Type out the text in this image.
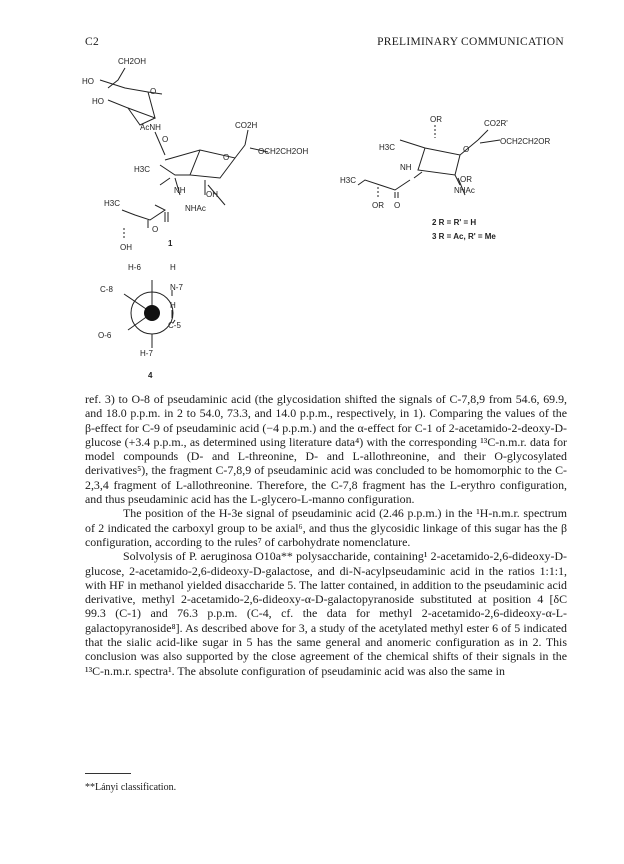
C2	PRELIMINARY COMMUNICATION
CH2OH
HO
HO
O
AcNH
O
CO2H
O
OCH2CH2OH
H3C
NH	OH
NHAc
H3C
OH
O
1
OR	CO2R'
H3C	O
OCH2CH2OR
NH
H3C	OR
NHAc
OR O
2 R = R' = H
3 R = Ac, R' = Me
H-6	H
C-8	N-7
H
O-6
C-5
H-7
4

ref. 3) to O-8 of pseudaminic acid (the glycosidation shifted the signals of C-7,8,9 from 54.6, 69.9, and 18.0 p.p.m. in 2 to 54.0, 73.3, and 14.0 p.p.m., respectively, in 1). Comparing the values of the β-effect for C-9 of pseudaminic acid (−4 p.p.m.) and the α-effect for C-1 of 2-acetamido-2-deoxy-D-glucose (+3.4 p.p.m., as determined using literature data⁴) with the corresponding ¹³C-n.m.r. data for model compounds (D- and L-threonine, D- and L-allothreonine, and their O-glycosylated derivatives⁵), the fragment C-7,8,9 of pseudaminic acid was concluded to be homomorphic to the C-2,3,4 fragment of L-allothreonine. Therefore, the C-7,8 fragment has the L-erythro configuration, and thus pseudaminic acid has the L-glycero-L-manno configuration.

The position of the H-3e signal of pseudaminic acid (2.46 p.p.m.) in the ¹H-n.m.r. spectrum of 2 indicated the carboxyl group to be axial⁶, and thus the glycosidic linkage of this sugar has the β configuration, according to the rules⁷ of carbohydrate nomenclature.

Solvolysis of P. aeruginosa O10a** polysaccharide, containing¹ 2-acetamido-2,6-dideoxy-D-glucose, 2-acetamido-2,6-dideoxy-D-galactose, and di-N-acylpseudaminic acid in the ratios 1:1:1, with HF in methanol yielded disaccharide 5. The latter contained, in addition to the pseudaminic acid derivative, methyl 2-acetamido-2,6-dideoxy-α-D-galactopyranoside substituted at position 4 [δC 99.3 (C-1) and 76.3 p.p.m. (C-4, cf. the data for methyl 2-acetamido-2,6-dideoxy-α-L-galactopyranoside⁸]. As described above for 3, a study of the acetylated methyl ester 6 of 5 indicated that the sialic acid-like sugar in 5 has the same general and anomeric configuration as in 2. This conclusion was also supported by the close agreement of the chemical shifts of their signals in the ¹³C-n.m.r. spectra¹. The absolute configuration of pseudaminic acid was also the same in

**Lányi classification.
